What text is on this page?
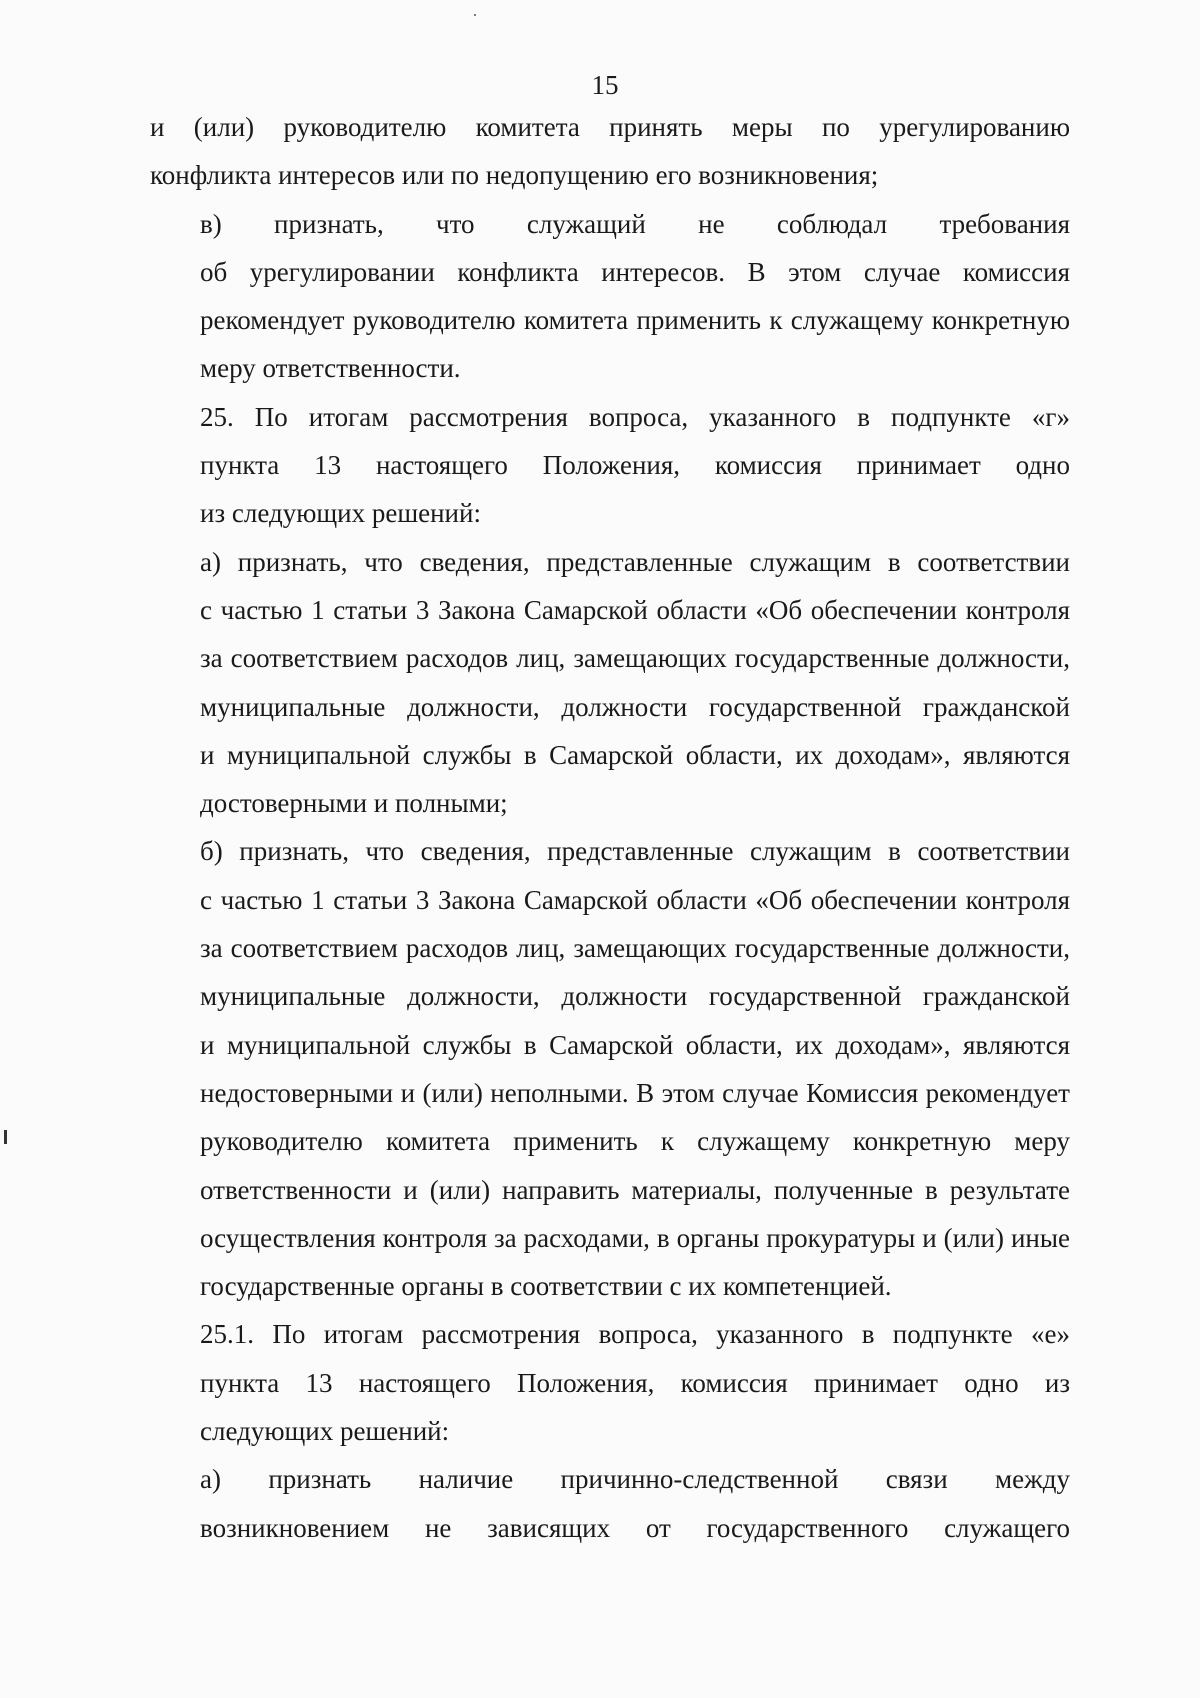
15

и (или) руководителю комитета принять меры по урегулированию
конфликта интересов или по недопущению его возникновения;

в) признать, что служащий не соблюдал требования
об урегулировании конфликта интересов. В этом случае комиссия
рекомендует руководителю комитета применить к служащему конкретную
меру ответственности.

25. По итогам рассмотрения вопроса, указанного в подпункте «г»
пункта 13 настоящего Положения, комиссия принимает одно
из следующих решений:

а) признать, что сведения, представленные служащим в соответствии
с частью 1 статьи 3 Закона Самарской области «Об обеспечении контроля
за соответствием расходов лиц, замещающих государственные должности,
муниципальные должности, должности государственной гражданской
и муниципальной службы в Самарской области, их доходам», являются
достоверными и полными;

б) признать, что сведения, представленные служащим в соответствии
с частью 1 статьи 3 Закона Самарской области «Об обеспечении контроля
за соответствием расходов лиц, замещающих государственные должности,
муниципальные должности, должности государственной гражданской
и муниципальной службы в Самарской области, их доходам», являются
недостоверными и (или) неполными. В этом случае Комиссия рекомендует
руководителю комитета применить к служащему конкретную меру
ответственности и (или) направить материалы, полученные в результате
осуществления контроля за расходами, в органы прокуратуры и (или) иные
государственные органы в соответствии с их компетенцией.

25.1. По итогам рассмотрения вопроса, указанного в подпункте «е»
пункта 13 настоящего Положения, комиссия принимает одно из
следующих решений:

а) признать наличие причинно-следственной связи между
возникновением не зависящих от государственного служащего
